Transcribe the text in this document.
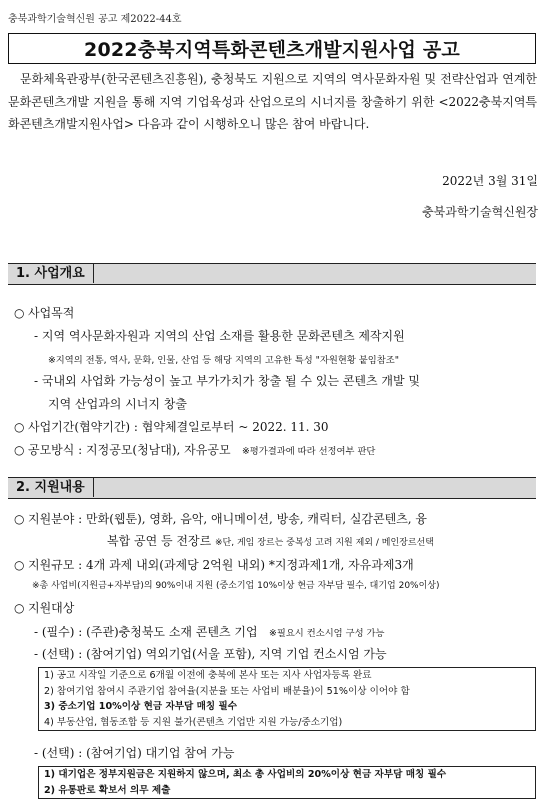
충북과학기술혁신원 공고 제2022-44호
2022충북지역특화콘텐츠개발지원사업 공고
문화체육관광부(한국콘텐츠진흥원), 충청북도 지원으로 지역의 역사문화자원 및 전략산업과 연계한 문화콘텐츠개발 지원을 통해 지역 기업육성과 산업으로의 시너지를 창출하기 위한 <2022충북지역특화콘텐츠개발지원사업> 다음과 같이 시행하오니 많은 참여 바랍니다.
2022년 3월 31일
충북과학기술혁신원장
1. 사업개요
○ 사업목적
- 지역 역사문화자원과 지역의 산업 소재를 활용한 문화콘텐츠 제작지원
※지역의 전통, 역사, 문화, 인물, 산업 등 해당 지역의 고유한 특성 "자원현황 붙임참조"
- 국내외 사업화 가능성이 높고 부가가치가 창출 될 수 있는 콘텐츠 개발 및
지역 산업과의 시너지 창출
○ 사업기간(협약기간) : 협약체결일로부터 ~ 2022. 11. 30
○ 공모방식 : 지정공모(청남대), 자유공모 ※평가결과에 따라 선정여부 판단
2. 지원내용
○ 지원분야 : 만화(웹툰), 영화, 음악, 애니메이션, 방송, 캐릭터, 실감콘텐츠, 융
복합 공연 등 전장르 ※단, 게임 장르는 중복성 고려 지원 제외 / 메인장르선택
○ 지원규모 : 4개 과제 내외(과제당 2억원 내외) *지정과제1개, 자유과제3개
※총 사업비(지원금+자부담)의 90%이내 지원 (중소기업 10%이상 현금 자부담 필수, 대기업 20%이상)
○ 지원대상
- (필수) : (주관)충청북도 소재 콘텐츠 기업 ※필요시 컨소시엄 구성 가능
- (선택) : (참여기업) 역외기업(서울 포함), 지역 기업 컨소시엄 가능
1) 공고 시작일 기준으로 6개월 이전에 충북에 본사 또는 지사 사업자등록 완료
2) 참여기업 참여시 주관기업 참여율(지분율 또는 사업비 배분율)이 51%이상 이어야 함
3) 중소기업 10%이상 현금 자부담 매칭 필수
4) 부동산업, 협동조합 등 지원 불가(콘텐츠 기업만 지원 가능/중소기업)
- (선택) : (참여기업) 대기업 참여 가능
1) 대기업은 정부지원금은 지원하지 않으며, 최소 총 사업비의 20%이상 현금 자부담 매칭 필수
2) 유통판로 확보서 의무 제출
